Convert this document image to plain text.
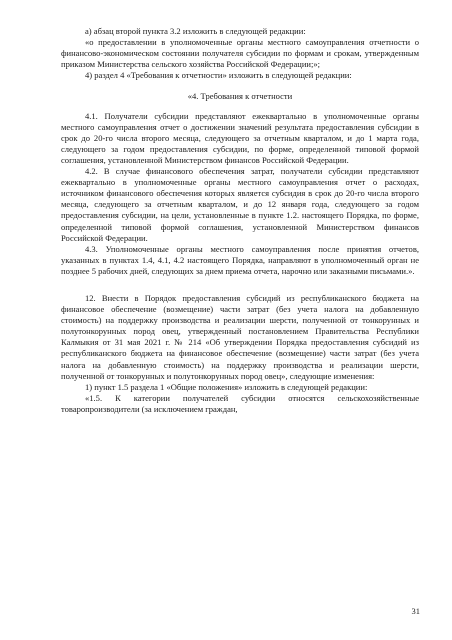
а) абзац второй пункта 3.2 изложить в следующей редакции:

«о предоставлении в уполномоченные органы местного самоуправления отчетности о финансово-экономическом состоянии получателя субсидии по формам и срокам, утвержденным приказом Министерства сельского хозяйства Российской Федерации;»;

4) раздел 4 «Требования к отчетности» изложить в следующей редакции:

«4. Требования к отчетности

4.1. Получатели субсидии представляют ежеквартально в уполномоченные органы местного самоуправления отчет о достижении значений результата предоставления субсидии в срок до 20-го числа второго месяца, следующего за отчетным кварталом, и до 1 марта года, следующего за годом предоставления субсидии, по форме, определенной типовой формой соглашения, установленной Министерством финансов Российской Федерации.

4.2. В случае финансового обеспечения затрат, получатели субсидии представляют ежеквартально в уполномоченные органы местного самоуправления отчет о расходах, источником финансового обеспечения которых является субсидия в срок до 20-го числа второго месяца, следующего за отчетным кварталом, и до 12 января года, следующего за годом предоставления субсидии, на цели, установленные в пункте 1.2. настоящего Порядка, по форме, определенной типовой формой соглашения, установленной Министерством финансов Российской Федерации.

4.3. Уполномоченные органы местного самоуправления после принятия отчетов, указанных в пунктах 1.4, 4.1, 4.2 настоящего Порядка, направляют в уполномоченный орган не позднее 5 рабочих дней, следующих за днем приема отчета, нарочно или заказными письмами.».

12. Внести в Порядок предоставления субсидий из республиканского бюджета на финансовое обеспечение (возмещение) части затрат (без учета налога на добавленную стоимость) на поддержку производства и реализации шерсти, полученной от тонкорунных и полутонкорунных пород овец, утвержденный постановлением Правительства Республики Калмыкия от 31 мая 2021 г. № 214 «Об утверждении Порядка предоставления субсидий из республиканского бюджета на финансовое обеспечение (возмещение) части затрат (без учета налога на добавленную стоимость) на поддержку производства и реализации шерсти, полученной от тонкорунных и полутонкорунных пород овец», следующие изменения:

1) пункт 1.5 раздела 1 «Общие положения» изложить в следующей редакции:

«1.5. К категории получателей субсидии относятся сельскохозяйственные товаропроизводители (за исключением граждан,

31
